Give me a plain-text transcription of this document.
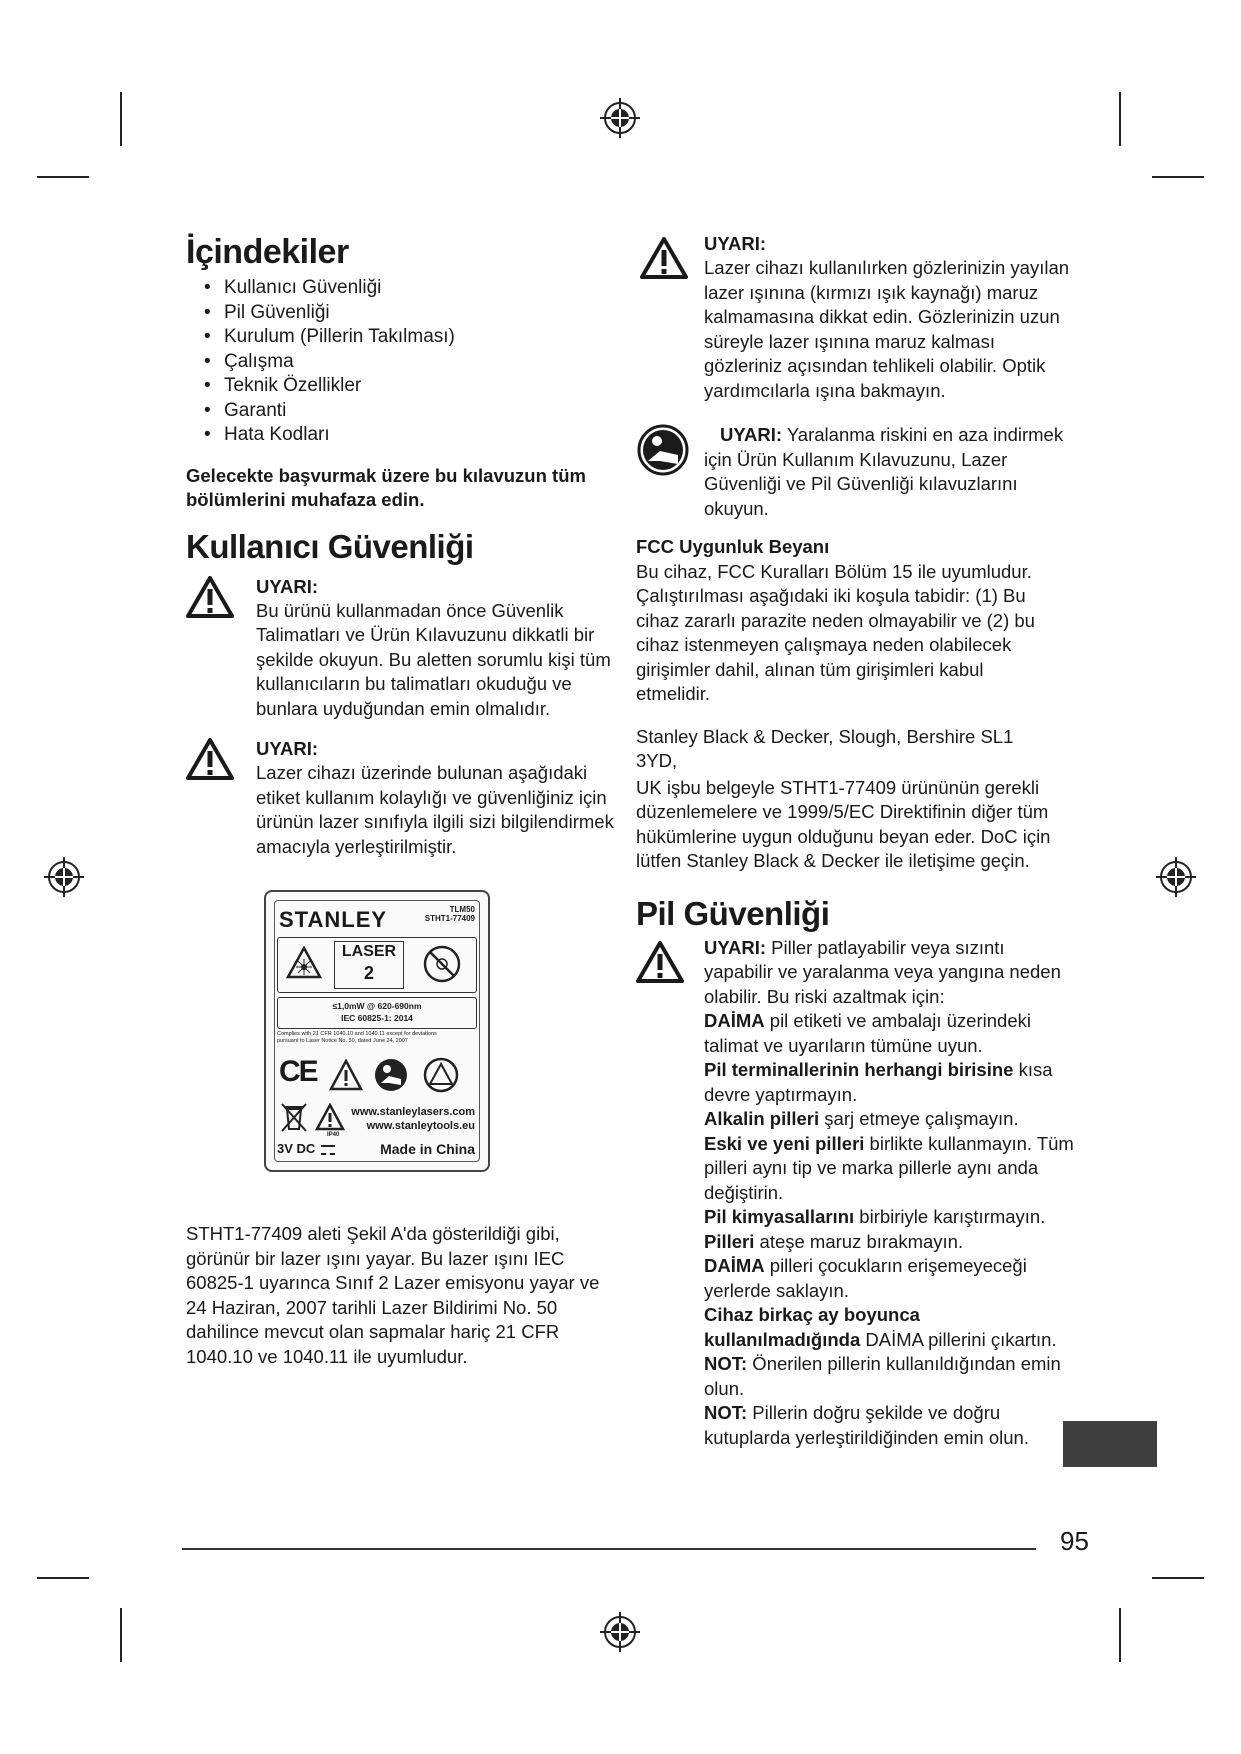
İçindekiler
• Kullanıcı Güvenliği
• Pil Güvenliği
• Kurulum (Pillerin Takılması)
• Çalışma
• Teknik Özellikler
• Garanti
• Hata Kodları

Gelecekte başvurmak üzere bu kılavuzun tüm bölümlerini muhafaza edin.

Kullanıcı Güvenliği
UYARI:

Bu ürünü kullanmadan önce Güvenlik Talimatları ve Ürün Kılavuzunu dikkatli bir şekilde okuyun. Bu aletten sorumlu kişi tüm kullanıcıların bu talimatları okuduğu ve bunlara uyduğundan emin olmalıdır.

UYARI:

Lazer cihazı üzerinde bulunan aşağıdaki etiket kullanım kolaylığı ve güvenliğiniz için ürünün lazer sınıfıyla ilgili sizi bilgilendirmek amacıyla yerleştirilmiştir.

STANLEY	TLM50
STHT1-77409
LASER
2
≤1,0mW @ 620-690nm
IEC 60825-1: 2014
Complies with 21 CFR 1040.10 and 1040.11 except for deviations
pursuant to Laser Notice No. 50, dated June 24, 2007
CE
IP40
www.stanleylasers.com
www.stanleytools.eu
3V DC	Made in China

STHT1-77409 aleti Şekil A'da gösterildiği gibi, görünür bir lazer ışını yayar. Bu lazer ışını IEC 60825-1 uyarınca Sınıf 2 Lazer emisyonu yayar ve 24 Haziran, 2007 tarihli Lazer Bildirimi No. 50 dahilince mevcut olan sapmalar hariç 21 CFR 1040.10 ve 1040.11 ile uyumludur.

UYARI:

Lazer cihazı kullanılırken gözlerinizin yayılan lazer ışınına (kırmızı ışık kaynağı) maruz kalmamasına dikkat edin. Gözlerinizin uzun süreyle lazer ışınına maruz kalması gözleriniz açısından tehlikeli olabilir. Optik yardımcılarla ışına bakmayın.

UYARI: Yaralanma riskini en aza indirmek için Ürün Kullanım Kılavuzunu, Lazer Güvenliği ve Pil Güvenliği kılavuzlarını okuyun.

FCC Uygunluk Beyanı

Bu cihaz, FCC Kuralları Bölüm 15 ile uyumludur. Çalıştırılması aşağıdaki iki koşula tabidir: (1) Bu cihaz zararlı parazite neden olmayabilir ve (2) bu cihaz istenmeyen çalışmaya neden olabilecek girişimler dahil, alınan tüm girişimleri kabul etmelidir.

Stanley Black & Decker, Slough, Bershire SL1 3YD,

UK işbu belgeyle STHT1-77409 ürününün gerekli düzenlemelere ve 1999/5/EC Direktifinin diğer tüm hükümlerine uygun olduğunu beyan eder. DoC için lütfen Stanley Black & Decker ile iletişime geçin.

Pil Güvenliği

UYARI: Piller patlayabilir veya sızıntı yapabilir ve yaralanma veya yangına neden olabilir. Bu riski azaltmak için:

DAİMA pil etiketi ve ambalajı üzerindeki talimat ve uyarıların tümüne uyun.

Pil terminallerinin herhangi birisine kısa devre yaptırmayın.

Alkalin pilleri şarj etmeye çalışmayın.

Eski ve yeni pilleri birlikte kullanmayın. Tüm pilleri aynı tip ve marka pillerle aynı anda değiştirin.

Pil kimyasallarını birbiriyle karıştırmayın.

Pilleri ateşe maruz bırakmayın.

DAİMA pilleri çocukların erişemeyeceği yerlerde saklayın.

Cihaz birkaç ay boyunca kullanılmadığında DAİMA pillerini çıkartın.

NOT: Önerilen pillerin kullanıldığından emin olun.

NOT: Pillerin doğru şekilde ve doğru kutuplarda yerleştirildiğinden emin olun.

95
